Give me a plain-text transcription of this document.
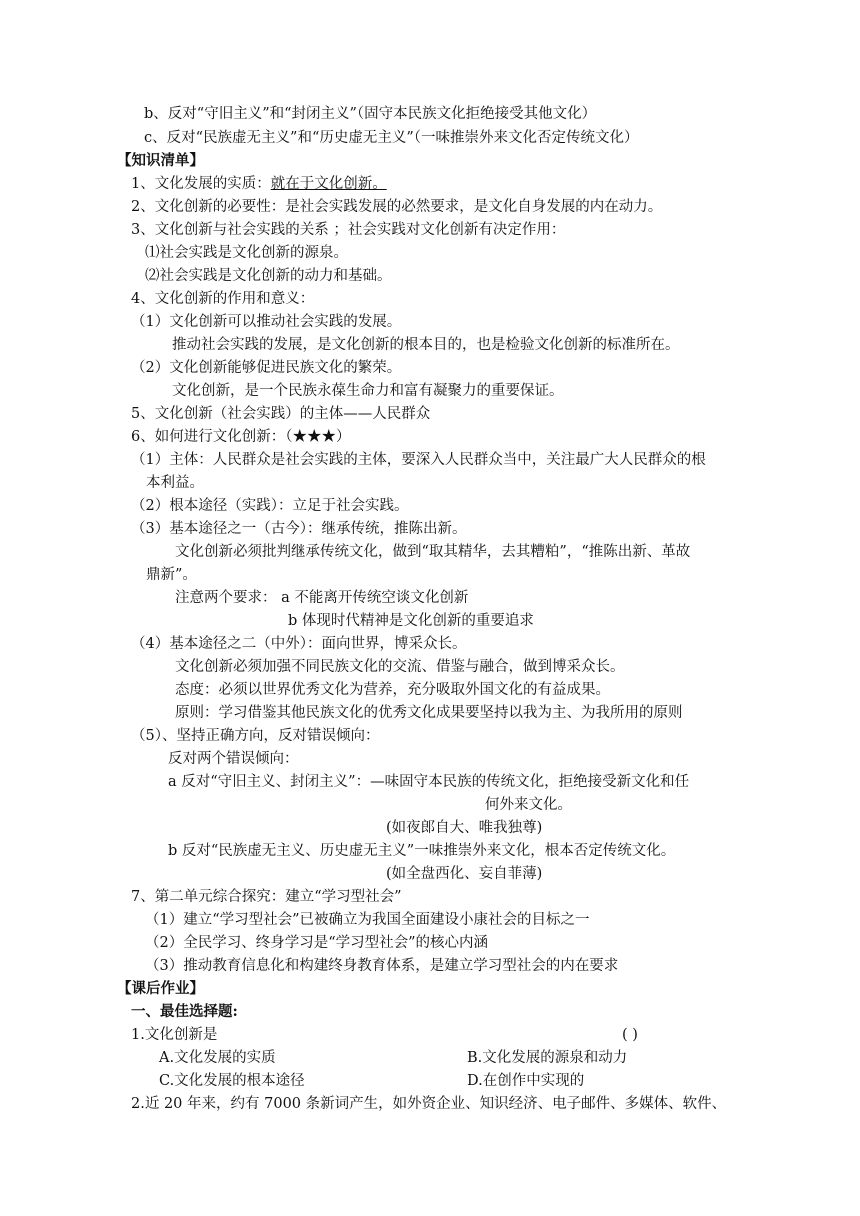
b、反对“守旧主义”和“封闭主义”（固守本民族文化拒绝接受其他文化）
c、反对“民族虚无主义”和“历史虚无主义”（一味推崇外来文化否定传统文化）
【知识清单】
1、文化发展的实质：就在于文化创新。
2、文化创新的必要性：是社会实践发展的必然要求，是文化自身发展的内在动力。
3、文化创新与社会实践的关系 ；社会实践对文化创新有决定作用：
⑴社会实践是文化创新的源泉。
⑵社会实践是文化创新的动力和基础。
4、文化创新的作用和意义：
（1）文化创新可以推动社会实践的发展。
推动社会实践的发展，是文化创新的根本目的，也是检验文化创新的标准所在。
（2）文化创新能够促进民族文化的繁荣。
文化创新，是一个民族永葆生命力和富有凝聚力的重要保证。
5、文化创新（社会实践）的主体——人民群众
6、如何进行文化创新：（★★★）
（1）主体：人民群众是社会实践的主体，要深入人民群众当中，关注最广大人民群众的根
本利益。
（2）根本途径（实践）：立足于社会实践。
（3）基本途径之一（古今）：继承传统，推陈出新。
文化创新必须批判继承传统文化，做到“取其精华，去其糟粕”，“推陈出新、革故
鼎新”。
注意两个要求： a 不能离开传统空谈文化创新
b 体现时代精神是文化创新的重要追求
（4）基本途径之二（中外）：面向世界，博采众长。
文化创新必须加强不同民族文化的交流、借鉴与融合，做到博采众长。
态度：必须以世界优秀文化为营养，充分吸取外国文化的有益成果。
原则：学习借鉴其他民族文化的优秀文化成果要坚持以我为主、为我所用的原则
（5）、坚持正确方向，反对错误倾向：
反对两个错误倾向：
a 反对“守旧主义、封闭主义”：—味固守本民族的传统文化，拒绝接受新文化和任
何外来文化。
(如夜郎自大、唯我独尊)
b 反对“民族虚无主义、历史虚无主义”一味推崇外来文化，根本否定传统文化。
(如全盘西化、妄自菲薄)
7、第二单元综合探究：建立“学习型社会”
（1）建立“学习型社会”已被确立为我国全面建设小康社会的目标之一
（2）全民学习、终身学习是“学习型社会”的核心内涵
（3）推动教育信息化和构建终身教育体系，是建立学习型社会的内在要求
【课后作业】
一、最佳选择题:
1.文化创新是	( )
A.文化发展的实质	B.文化发展的源泉和动力
C.文化发展的根本途径	D.在创作中实现的
2.近 20 年来，约有 7000 条新词产生，如外资企业、知识经济、电子邮件、多媒体、软件、
